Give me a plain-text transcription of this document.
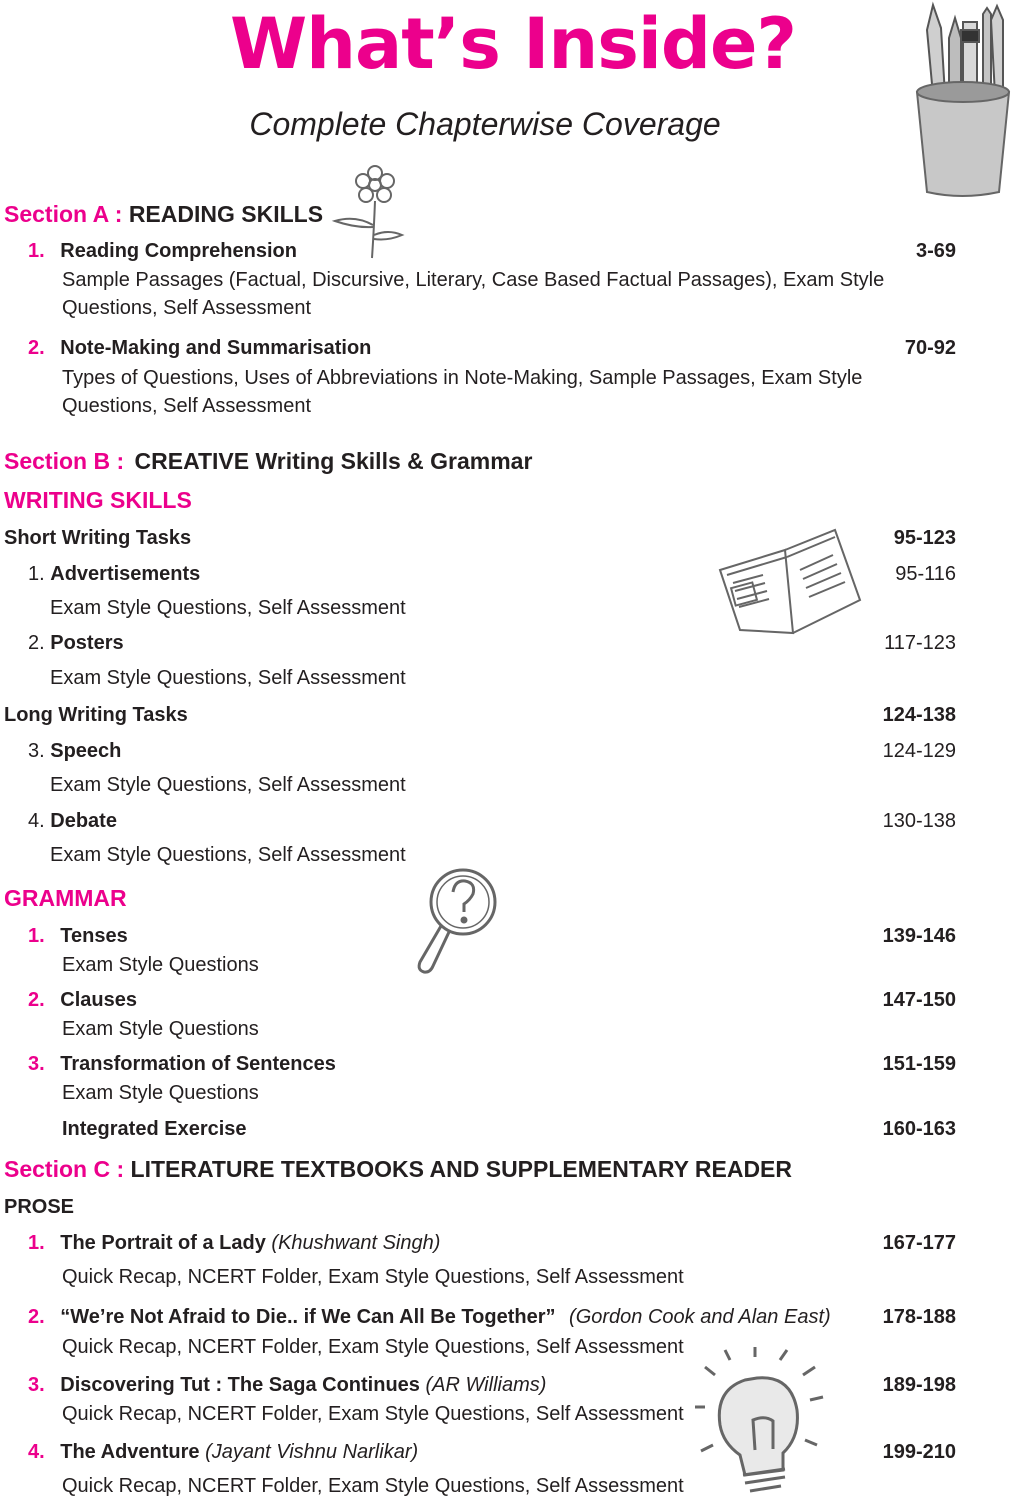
What’s Inside?
Complete Chapterwise Coverage
Section A : READING SKILLS
1. Reading Comprehension	3-69
Sample Passages (Factual, Discursive, Literary, Case Based Factual Passages), Exam Style Questions, Self Assessment
2. Note-Making and Summarisation	70-92
Types of Questions, Uses of Abbreviations in Note-Making, Sample Passages, Exam Style Questions, Self Assessment
Section B : CREATIVE Writing Skills & Grammar
WRITING SKILLS
Short Writing Tasks	95-123
1. Advertisements	95-116
Exam Style Questions, Self Assessment
2. Posters	117-123
Exam Style Questions, Self Assessment
Long Writing Tasks	124-138
3. Speech	124-129
Exam Style Questions, Self Assessment
4. Debate	130-138
Exam Style Questions, Self Assessment
GRAMMAR
1. Tenses	139-146
Exam Style Questions
2. Clauses	147-150
Exam Style Questions
3. Transformation of Sentences	151-159
Exam Style Questions
Integrated Exercise	160-163
Section C : LITERATURE TEXTBOOKS AND SUPPLEMENTARY READER
PROSE
1. The Portrait of a Lady (Khushwant Singh)	167-177
Quick Recap, NCERT Folder, Exam Style Questions, Self Assessment
2. “We’re Not Afraid to Die.. if We Can All Be Together” (Gordon Cook and Alan East)	178-188
Quick Recap, NCERT Folder, Exam Style Questions, Self Assessment
3. Discovering Tut : The Saga Continues (AR Williams)	189-198
Quick Recap, NCERT Folder, Exam Style Questions, Self Assessment
4. The Adventure (Jayant Vishnu Narlikar)	199-210
Quick Recap, NCERT Folder, Exam Style Questions, Self Assessment
